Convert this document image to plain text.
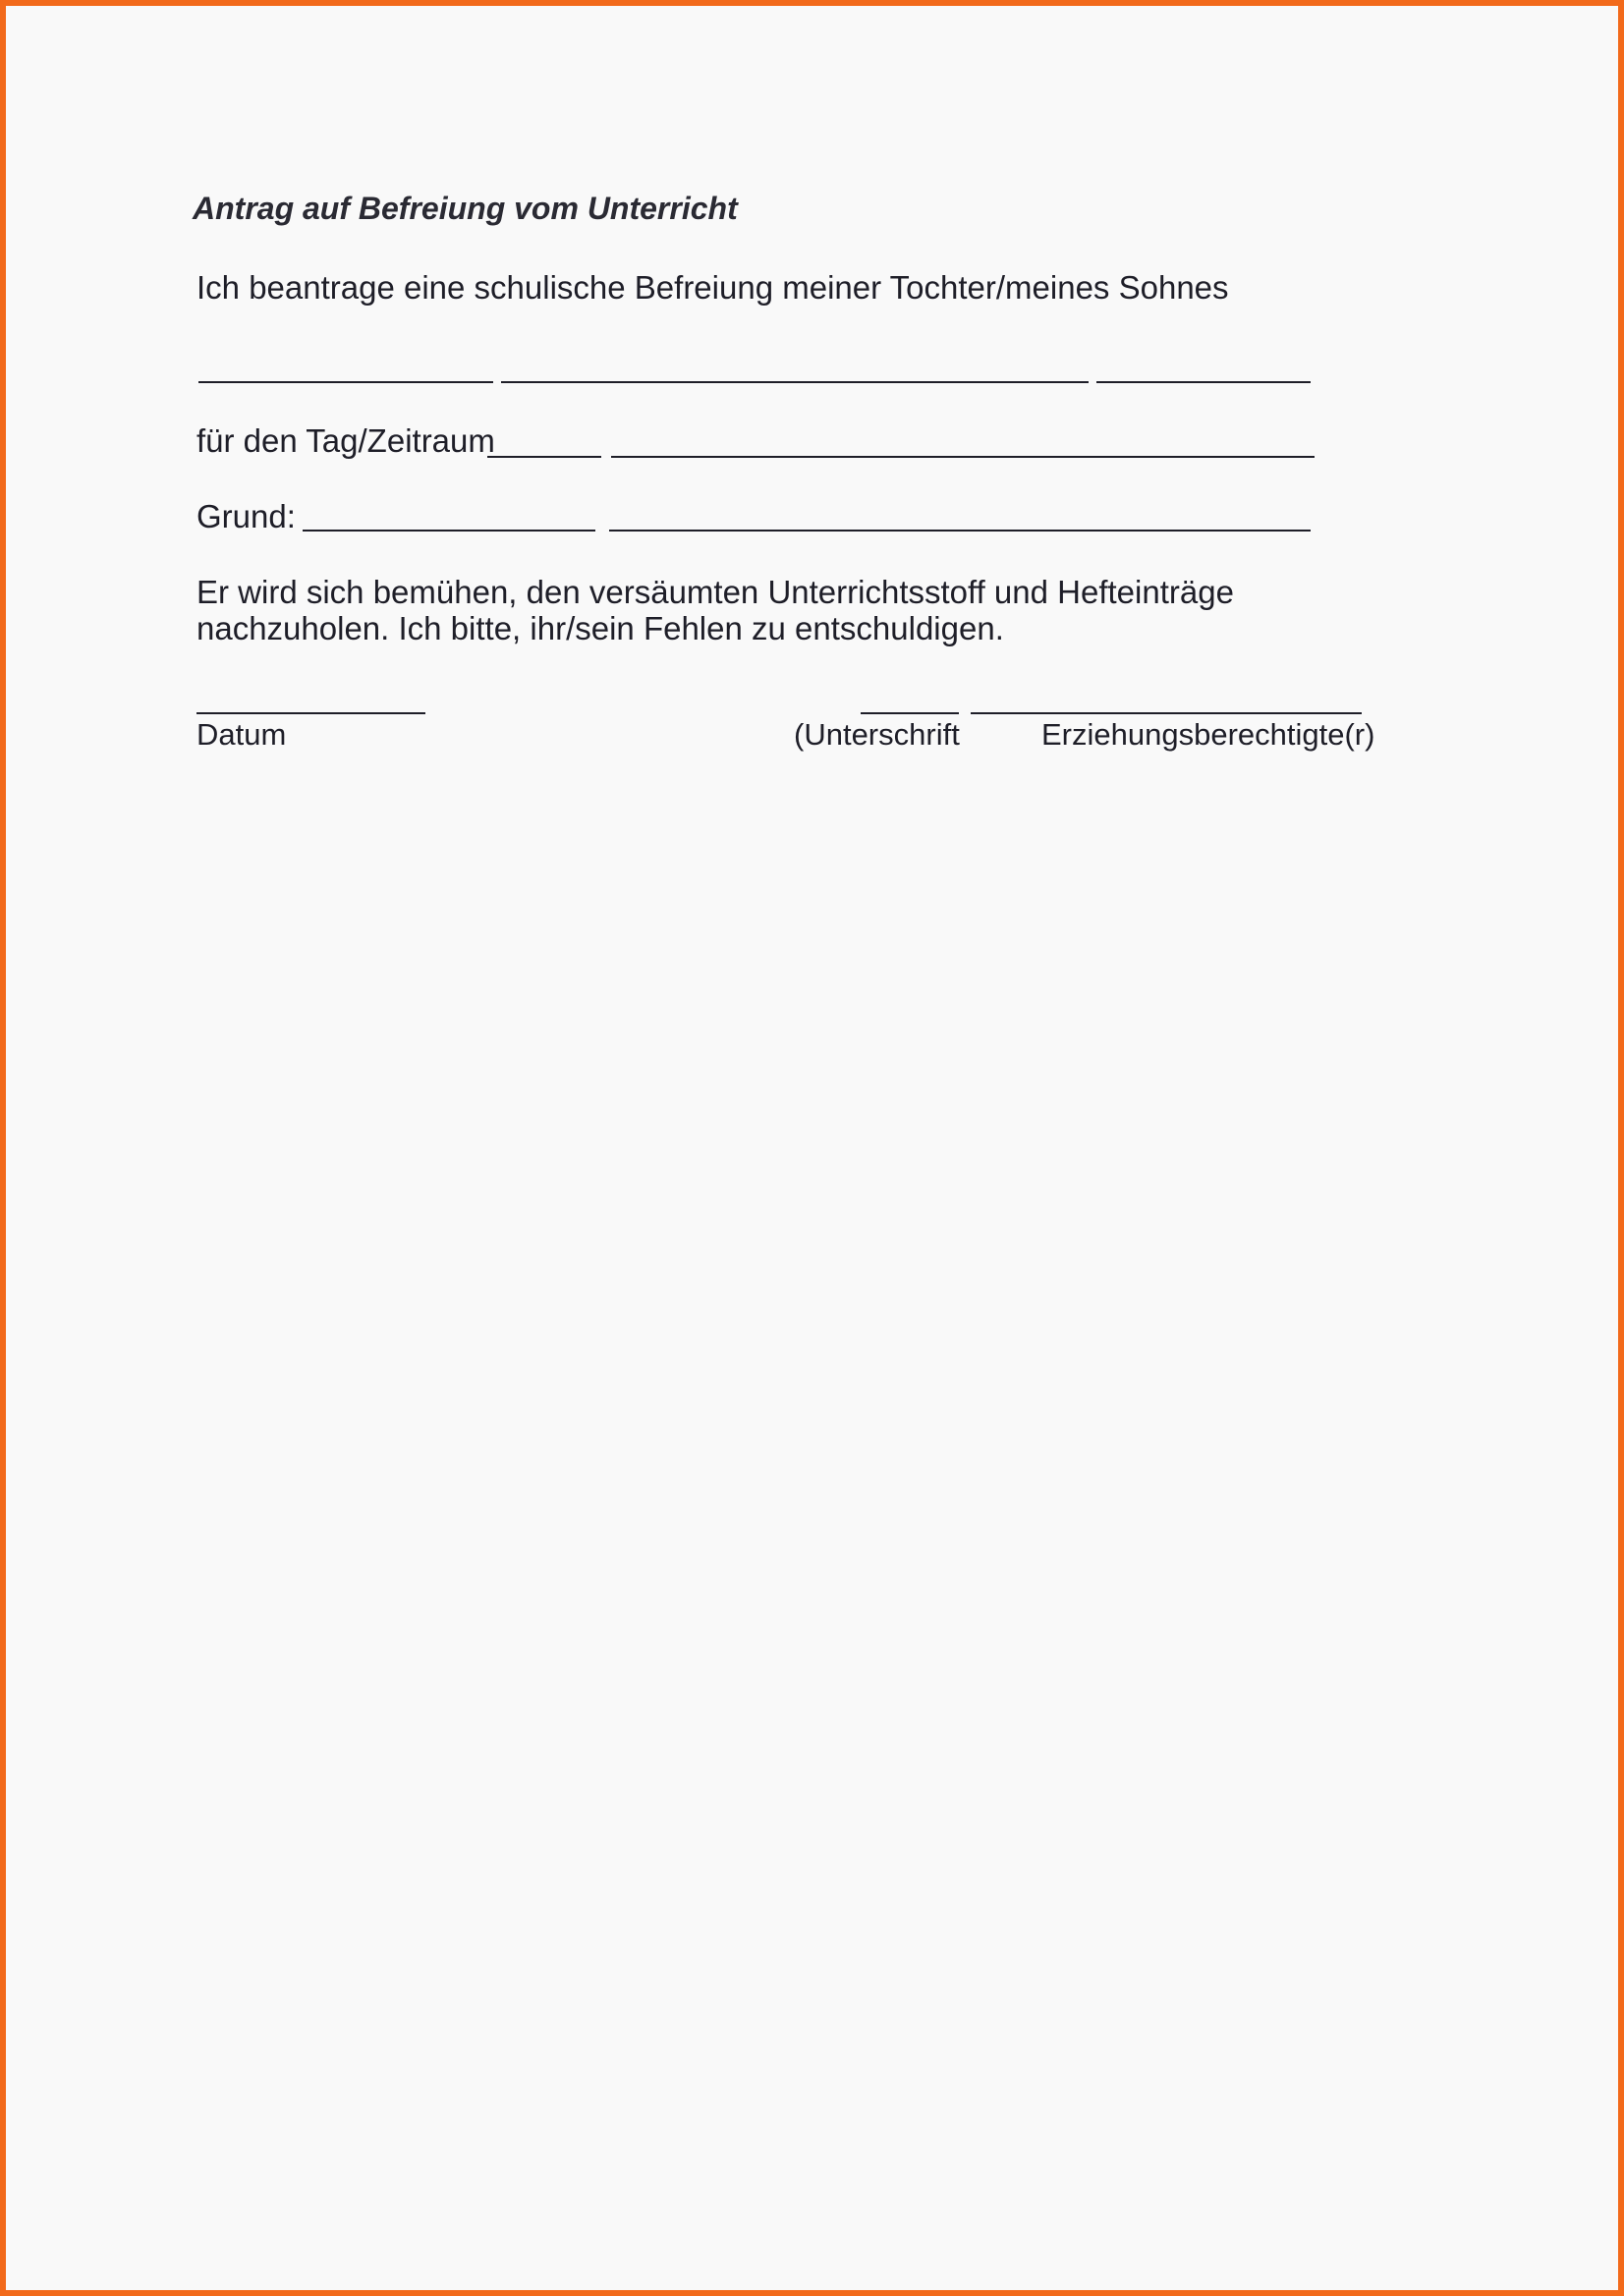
Antrag auf Befreiung vom Unterricht
Ich beantrage eine schulische Befreiung meiner Tochter/meines Sohnes
für den Tag/Zeitraum
Grund:
Er wird sich bemühen, den versäumten Unterrichtsstoff und Hefteinträge
nachzuholen. Ich bitte, ihr/sein Fehlen zu entschuldigen.
Datum	(Unterschrift	Erziehungsberechtigte(r)
